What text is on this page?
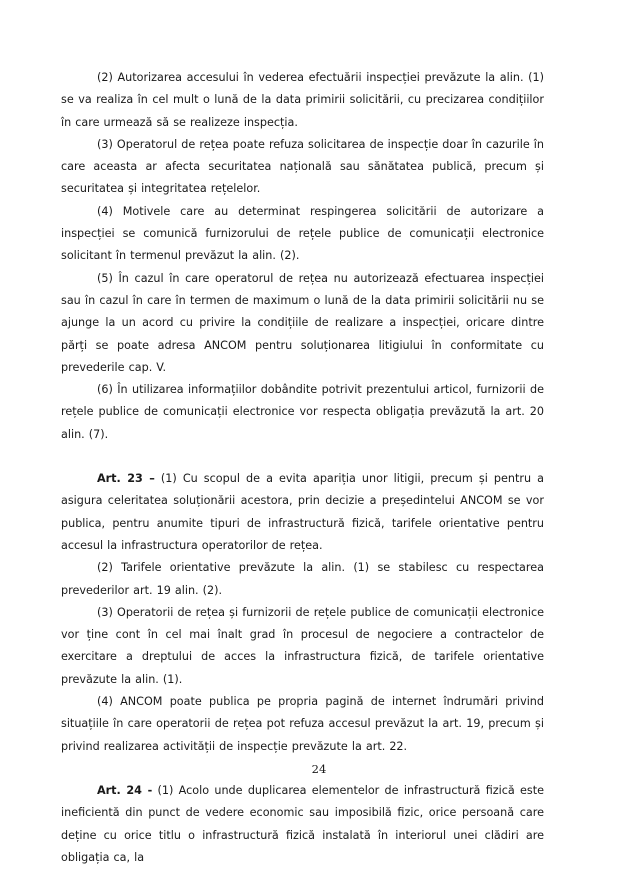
(2) Autorizarea accesului în vederea efectuării inspecției prevăzute la alin. (1) se va realiza în cel mult o lună de la data primirii solicitării, cu precizarea condițiilor în care urmează să se realizeze inspecția.

(3) Operatorul de rețea poate refuza solicitarea de inspecție doar în cazurile în care aceasta ar afecta securitatea națională sau sănătatea publică, precum și securitatea și integritatea rețelelor.

(4) Motivele care au determinat respingerea solicitării de autorizare a inspecției se comunică furnizorului de rețele publice de comunicații electronice solicitant în termenul prevăzut la alin. (2).

(5) În cazul în care operatorul de rețea nu autorizează efectuarea inspecției sau în cazul în care în termen de maximum o lună de la data primirii solicitării nu se ajunge la un acord cu privire la condițiile de realizare a inspecției, oricare dintre părți se poate adresa ANCOM pentru soluționarea litigiului în conformitate cu prevederile cap. V.

(6) În utilizarea informațiilor dobândite potrivit prezentului articol, furnizorii de rețele publice de comunicații electronice vor respecta obligația prevăzută la art. 20 alin. (7).

Art. 23 – (1) Cu scopul de a evita apariția unor litigii, precum și pentru a asigura celeritatea soluționării acestora, prin decizie a președintelui ANCOM se vor publica, pentru anumite tipuri de infrastructură fizică, tarifele orientative pentru accesul la infrastructura operatorilor de rețea.

(2) Tarifele orientative prevăzute la alin. (1) se stabilesc cu respectarea prevederilor art. 19 alin. (2).

(3) Operatorii de rețea și furnizorii de rețele publice de comunicații electronice vor ține cont în cel mai înalt grad în procesul de negociere a contractelor de exercitare a dreptului de acces la infrastructura fizică, de tarifele orientative prevăzute la alin. (1).

(4) ANCOM poate publica pe propria pagină de internet îndrumări privind situațiile în care operatorii de rețea pot refuza accesul prevăzut la art. 19, precum și privind realizarea activității de inspecție prevăzute la art. 22.

Art. 24 - (1) Acolo unde duplicarea elementelor de infrastructură fizică este ineficientă din punct de vedere economic sau imposibilă fizic, orice persoană care deține cu orice titlu o infrastructură fizică instalată în interiorul unei clădiri are obligația ca, la

24
